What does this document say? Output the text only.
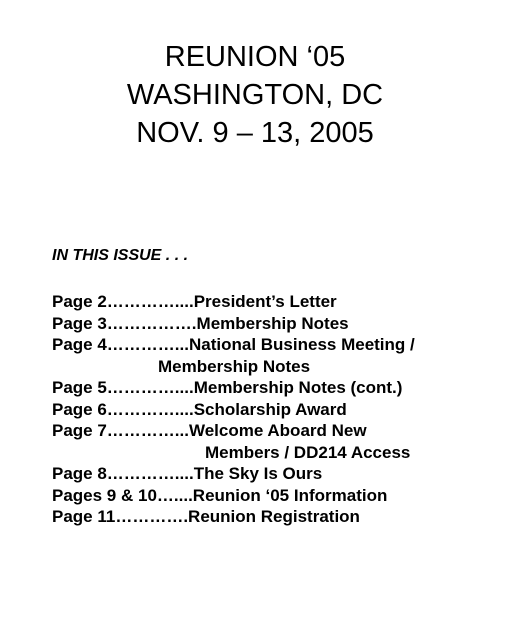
REUNION ‘05
WASHINGTON, DC
NOV. 9 – 13, 2005
IN THIS ISSUE . . .
Page 2…………....President’s Letter
Page 3…………….Membership Notes
Page 4…………...National Business Meeting /
Membership Notes
Page 5…………....Membership Notes (cont.)
Page 6…………....Scholarship Award
Page 7…………...Welcome Aboard New
Members / DD214 Access
Page 8…………....The Sky Is Ours
Pages 9 & 10…....Reunion ‘05 Information
Page 11………….Reunion Registration
